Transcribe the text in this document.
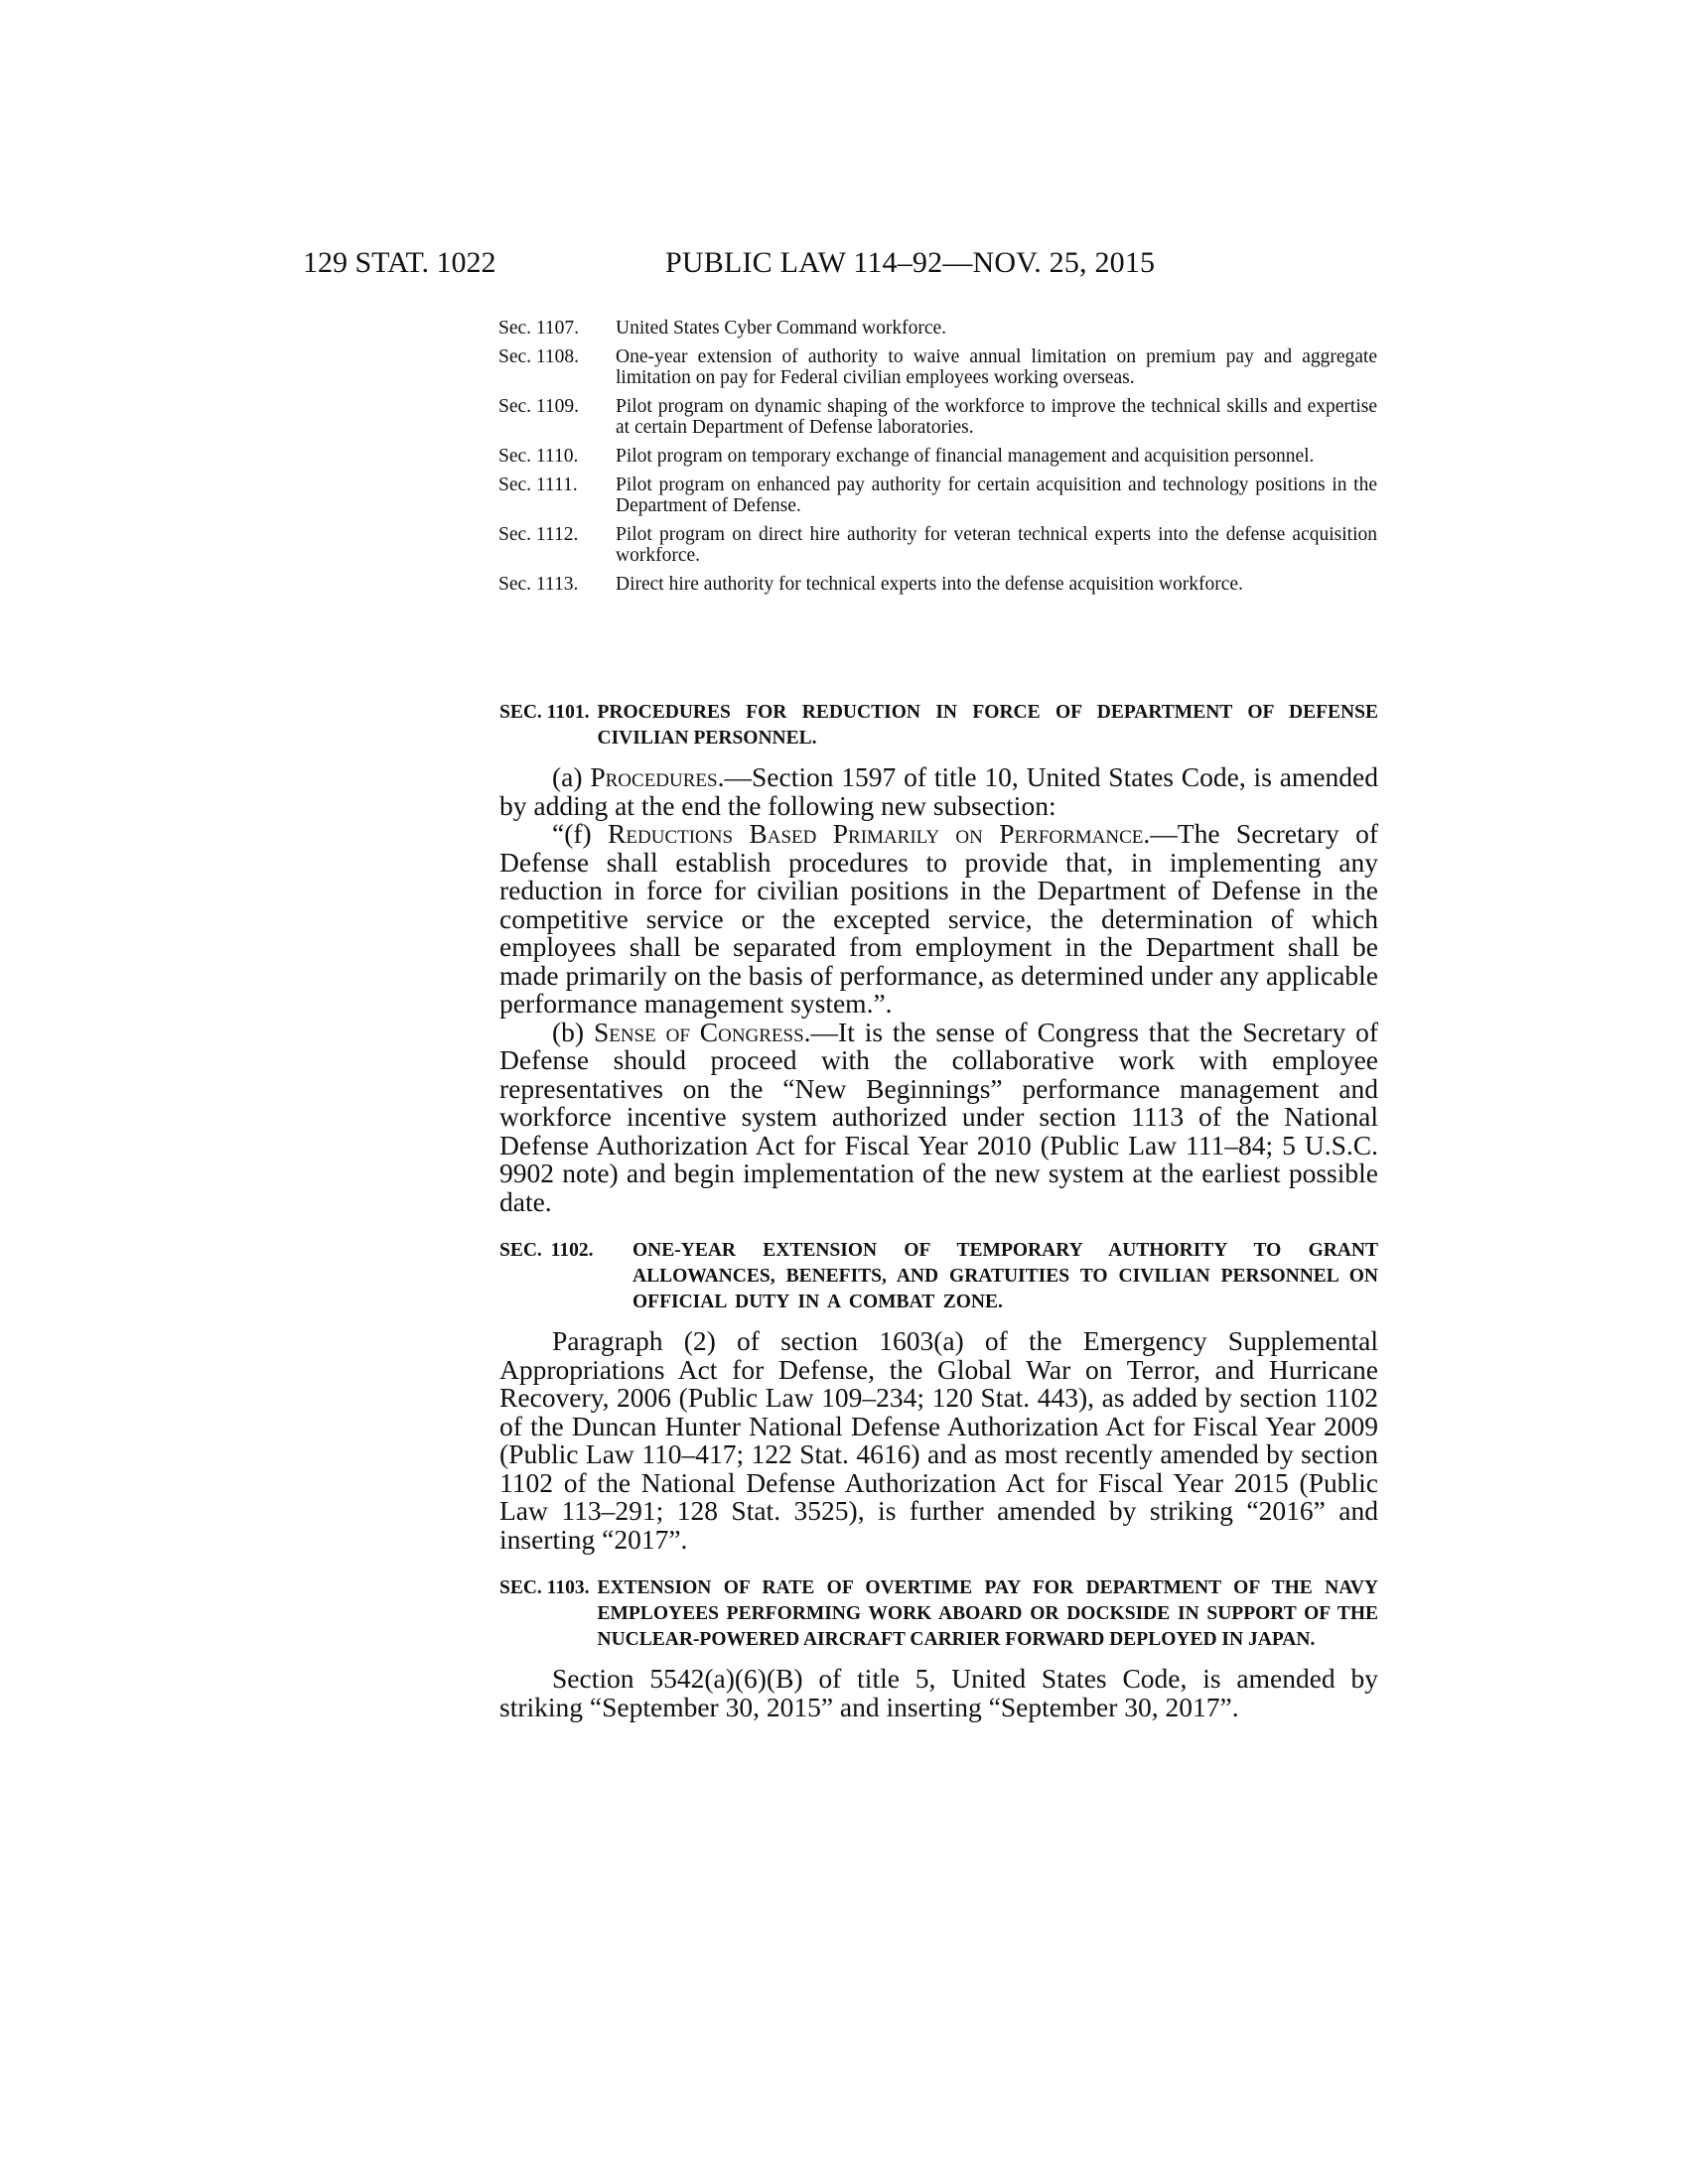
129 STAT. 1022	PUBLIC LAW 114–92—NOV. 25, 2015
Sec. 1107.	United States Cyber Command workforce.
Sec. 1108.	One-year extension of authority to waive annual limitation on premium pay and aggregate limitation on pay for Federal civilian employees working overseas.
Sec. 1109.	Pilot program on dynamic shaping of the workforce to improve the technical skills and expertise at certain Department of Defense laboratories.
Sec. 1110.	Pilot program on temporary exchange of financial management and acquisition personnel.
Sec. 1111.	Pilot program on enhanced pay authority for certain acquisition and technology positions in the Department of Defense.
Sec. 1112.	Pilot program on direct hire authority for veteran technical experts into the defense acquisition workforce.
Sec. 1113.	Direct hire authority for technical experts into the defense acquisition workforce.
SEC. 1101. PROCEDURES FOR REDUCTION IN FORCE OF DEPARTMENT OF DEFENSE CIVILIAN PERSONNEL.

(a) Procedures.—Section 1597 of title 10, United States Code, is amended by adding at the end the following new subsection:

“(f) Reductions Based Primarily on Performance.—The Secretary of Defense shall establish procedures to provide that, in implementing any reduction in force for civilian positions in the Department of Defense in the competitive service or the excepted service, the determination of which employees shall be separated from employment in the Department shall be made primarily on the basis of performance, as determined under any applicable performance management system.”.

(b) Sense of Congress.—It is the sense of Congress that the Secretary of Defense should proceed with the collaborative work with employee representatives on the “New Beginnings” performance management and workforce incentive system authorized under section 1113 of the National Defense Authorization Act for Fiscal Year 2010 (Public Law 111–84; 5 U.S.C. 9902 note) and begin implementation of the new system at the earliest possible date.

SEC. 1102.	ONE-YEAR EXTENSION OF TEMPORARY AUTHORITY TO GRANT ALLOWANCES, BENEFITS, AND GRATUITIES TO CIVILIAN PERSONNEL ON OFFICIAL DUTY IN A COMBAT ZONE.

Paragraph (2) of section 1603(a) of the Emergency Supplemental Appropriations Act for Defense, the Global War on Terror, and Hurricane Recovery, 2006 (Public Law 109–234; 120 Stat. 443), as added by section 1102 of the Duncan Hunter National Defense Authorization Act for Fiscal Year 2009 (Public Law 110–417; 122 Stat. 4616) and as most recently amended by section 1102 of the National Defense Authorization Act for Fiscal Year 2015 (Public Law 113–291; 128 Stat. 3525), is further amended by striking “2016” and inserting “2017”.

SEC. 1103. EXTENSION OF RATE OF OVERTIME PAY FOR DEPARTMENT OF THE NAVY EMPLOYEES PERFORMING WORK ABOARD OR DOCKSIDE IN SUPPORT OF THE NUCLEAR-POWERED AIRCRAFT CARRIER FORWARD DEPLOYED IN JAPAN.

Section 5542(a)(6)(B) of title 5, United States Code, is amended by striking “September 30, 2015” and inserting “September 30, 2017”.
